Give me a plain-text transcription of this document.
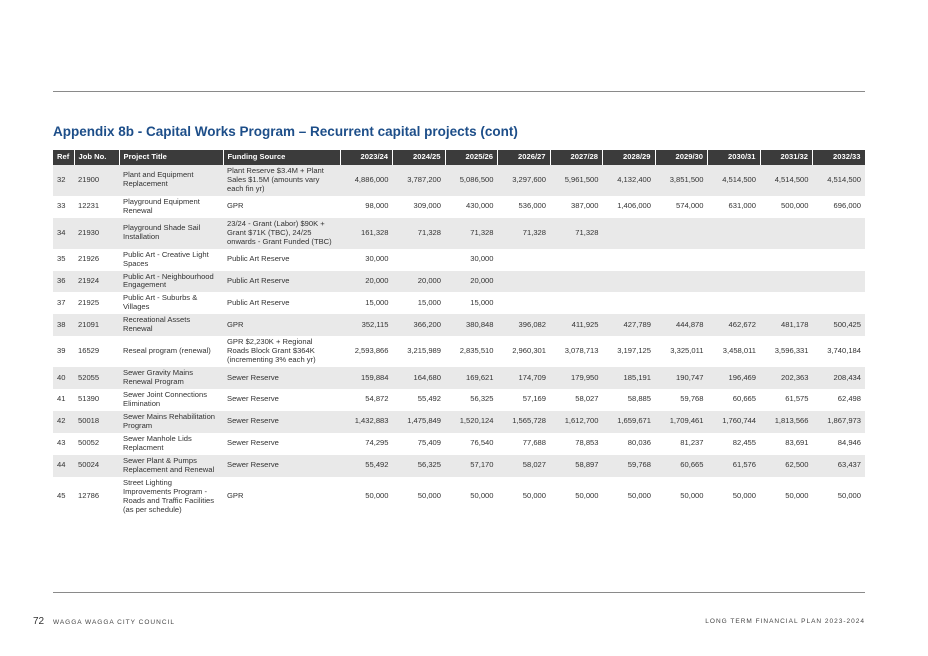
Appendix 8b - Capital Works Program – Recurrent capital projects (cont)
Ref	Job No.	Project Title	Funding Source	2023/24	2024/25	2025/26	2026/27	2027/28	2028/29	2029/30	2030/31	2031/32	2032/33
32	21900	Plant and Equipment Replacement	Plant Reserve $3.4M + Plant Sales $1.5M (amounts vary each fin yr)	4,886,000	3,787,200	5,086,500	3,297,600	5,961,500	4,132,400	3,851,500	4,514,500	4,514,500	4,514,500
33	12231	Playground Equipment Renewal	GPR	98,000	309,000	430,000	536,000	387,000	1,406,000	574,000	631,000	500,000	696,000
34	21930	Playground Shade Sail Installation	23/24 - Grant (Labor) $90K + Grant $71K (TBC), 24/25 onwards - Grant Funded (TBC)	161,328	71,328	71,328	71,328	71,328					
35	21926	Public Art - Creative Light Spaces	Public Art Reserve	30,000		30,000							
36	21924	Public Art - Neighbourhood Engagement	Public Art Reserve	20,000	20,000	20,000							
37	21925	Public Art - Suburbs & Villages	Public Art Reserve	15,000	15,000	15,000							
38	21091	Recreational Assets Renewal	GPR	352,115	366,200	380,848	396,082	411,925	427,789	444,878	462,672	481,178	500,425
39	16529	Reseal program (renewal)	GPR $2,230K + Regional Roads Block Grant $364K (incrementing 3% each yr)	2,593,866	3,215,989	2,835,510	2,960,301	3,078,713	3,197,125	3,325,011	3,458,011	3,596,331	3,740,184
40	52055	Sewer Gravity Mains Renewal Program	Sewer Reserve	159,884	164,680	169,621	174,709	179,950	185,191	190,747	196,469	202,363	208,434
41	51390	Sewer Joint Connections Elimination	Sewer Reserve	54,872	55,492	56,325	57,169	58,027	58,885	59,768	60,665	61,575	62,498
42	50018	Sewer Mains Rehabilitation Program	Sewer Reserve	1,432,883	1,475,849	1,520,124	1,565,728	1,612,700	1,659,671	1,709,461	1,760,744	1,813,566	1,867,973
43	50052	Sewer Manhole Lids Replacment	Sewer Reserve	74,295	75,409	76,540	77,688	78,853	80,036	81,237	82,455	83,691	84,946
44	50024	Sewer Plant & Pumps Replacement and Renewal	Sewer Reserve	55,492	56,325	57,170	58,027	58,897	59,768	60,665	61,576	62,500	63,437
45	12786	Street Lighting Improvements Program - Roads and Traffic Facilities (as per schedule)	GPR	50,000	50,000	50,000	50,000	50,000	50,000	50,000	50,000	50,000	50,000
72 WAGGA WAGGA CITY COUNCIL	LONG TERM FINANCIAL PLAN 2023-2024
